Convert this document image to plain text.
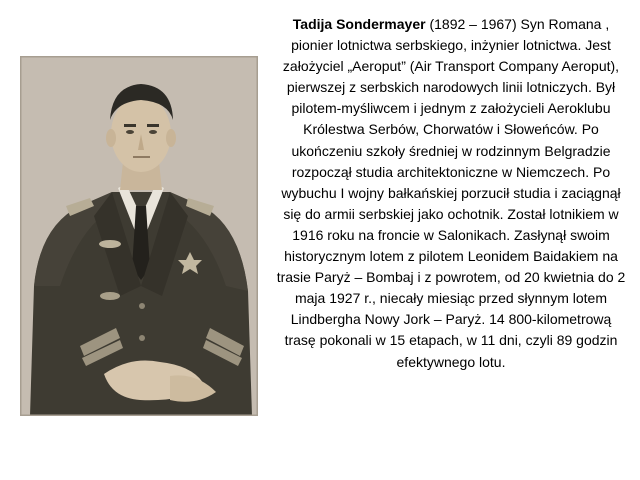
Tadija Sondermayer (1892 – 1967) Syn Romana , pionier lotnictwa serbskiego, inżynier lotnictwa. Jest założyciel „Aeroput” (Air Transport Company Aeroput), pierwszej z serbskich narodowych linii lotniczych. Był pilotem-myśliwcem i jednym z założycieli Aeroklubu Królestwa Serbów, Chorwatów i Słoweńców. Po ukończeniu szkoły średniej w rodzinnym Belgradzie rozpoczął studia architektoniczne w Niemczech. Po wybuchu I wojny bałkańskiej porzucił studia i zaciągnął się do armii serbskiej jako ochotnik. Został lotnikiem w 1916 roku na froncie w Salonikach. Zasłynął swoim historycznym lotem z pilotem Leonidem Baidakiem na trasie Paryż – Bombaj i z powrotem, od 20 kwietnia do 2 maja 1927 r., niecały miesiąc przed słynnym lotem Lindbergha Nowy Jork – Paryż. 14 800-kilometrową trasę pokonali w 15 etapach, w 11 dni, czyli 89 godzin efektywnego lotu.
